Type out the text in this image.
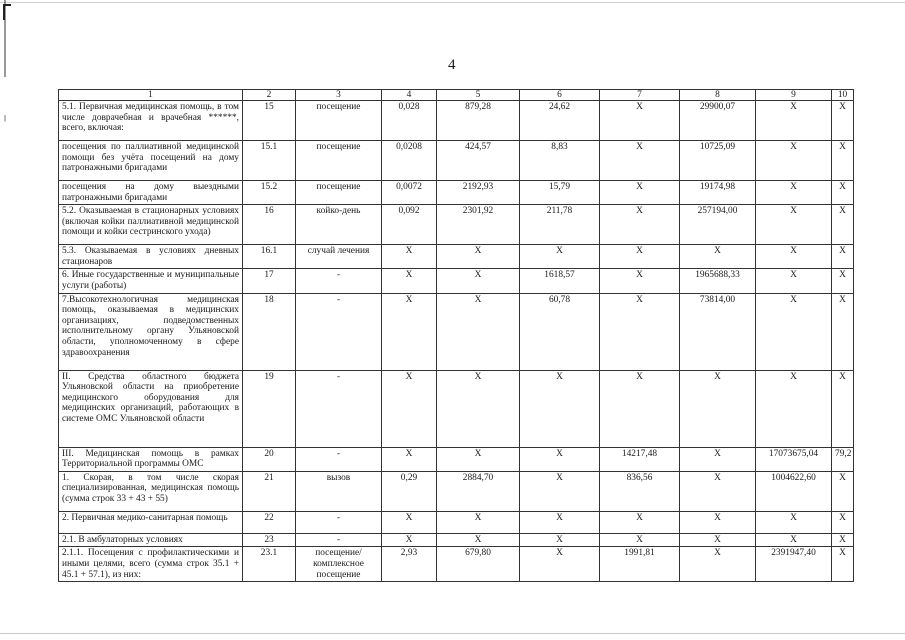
4
1	2	3	4	5	6	7	8	9	10
5.1. Первичная медицинская помощь, в том числе доврачебная и врачебная ******, всего, включая:	15	посещение	0,028	879,28	24,62	Х	29900,07	Х	Х
посещения по паллиативной медицинской помощи без учёта посещений на дому патронажными бригадами	15.1	посещение	0,0208	424,57	8,83	Х	10725,09	Х	Х
посещения на дому выездными патронажными бригадами	15.2	посещение	0,0072	2192,93	15,79	Х	19174,98	Х	Х
5.2. Оказываемая в стационарных условиях (включая койки паллиативной медицинской помощи и койки сестринского ухода)	16	койко-день	0,092	2301,92	211,78	Х	257194,00	Х	Х
5.3. Оказываемая в условиях дневных стационаров	16.1	случай лечения	Х	Х	Х	Х	Х	Х	Х
6. Иные государственные и муниципальные услуги (работы)	17	-	Х	Х	1618,57	Х	1965688,33	Х	Х
7.Высокотехнологичная медицинская помощь, оказываемая в медицинских организациях, подведомственных исполнительному органу Ульяновской области, уполномоченному в сфере здравоохранения	18	-	Х	Х	60,78	Х	73814,00	Х	Х
II. Средства областного бюджета Ульяновской области на приобретение медицинского оборудования для медицинских организаций, работающих в системе ОМС Ульяновской области	19	-	Х	Х	Х	Х	Х	Х	Х
III. Медицинская помощь в рамках Территориальной программы ОМС	20	-	Х	Х	Х	14217,48	Х	17073675,04	79,2
1. Скорая, в том числе скорая специализированная, медицинская помощь (сумма строк 33 + 43 + 55)	21	вызов	0,29	2884,70	Х	836,56	Х	1004622,60	Х
2. Первичная медико-санитарная помощь	22	-	Х	Х	Х	Х	Х	Х	Х
2.1. В амбулаторных условиях	23	-	Х	Х	Х	Х	Х	Х	Х
2.1.1. Посещения с профилактическими и иными целями, всего (сумма строк 35.1 + 45.1 + 57.1), из них:	23.1	посещение/ комплексное посещение	2,93	679,80	Х	1991,81	Х	2391947,40	Х
